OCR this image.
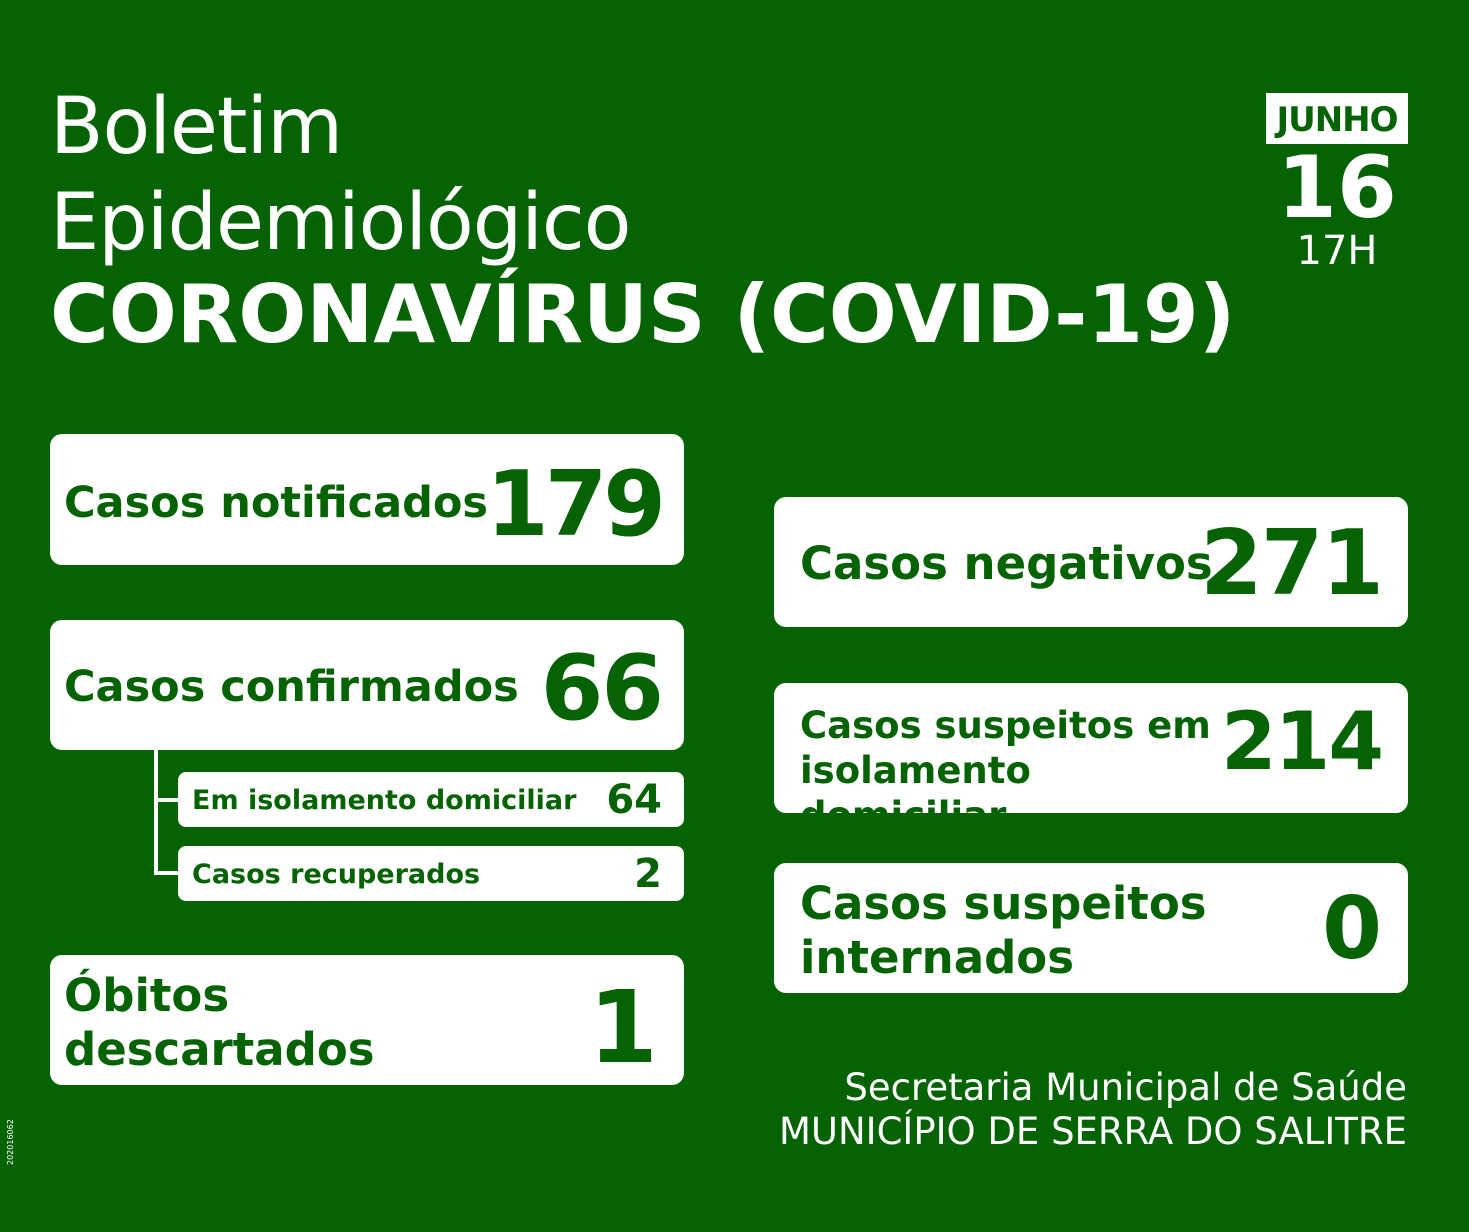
Boletim
Epidemiológico
CORONAVÍRUS (COVID-19)
JUNHO
16
17H
Casos notificados
179
Casos confirmados 66
Em isolamento domiciliar 64
Casos recuperados	2
Óbitos descartados	1
Casos negativos
271
Casos suspeitos em isolamento domiciliar
214
Casos suspeitos internados	0
Secretaria Municipal de Saúde
MUNICÍPIO DE SERRA DO SALITRE
202016062
